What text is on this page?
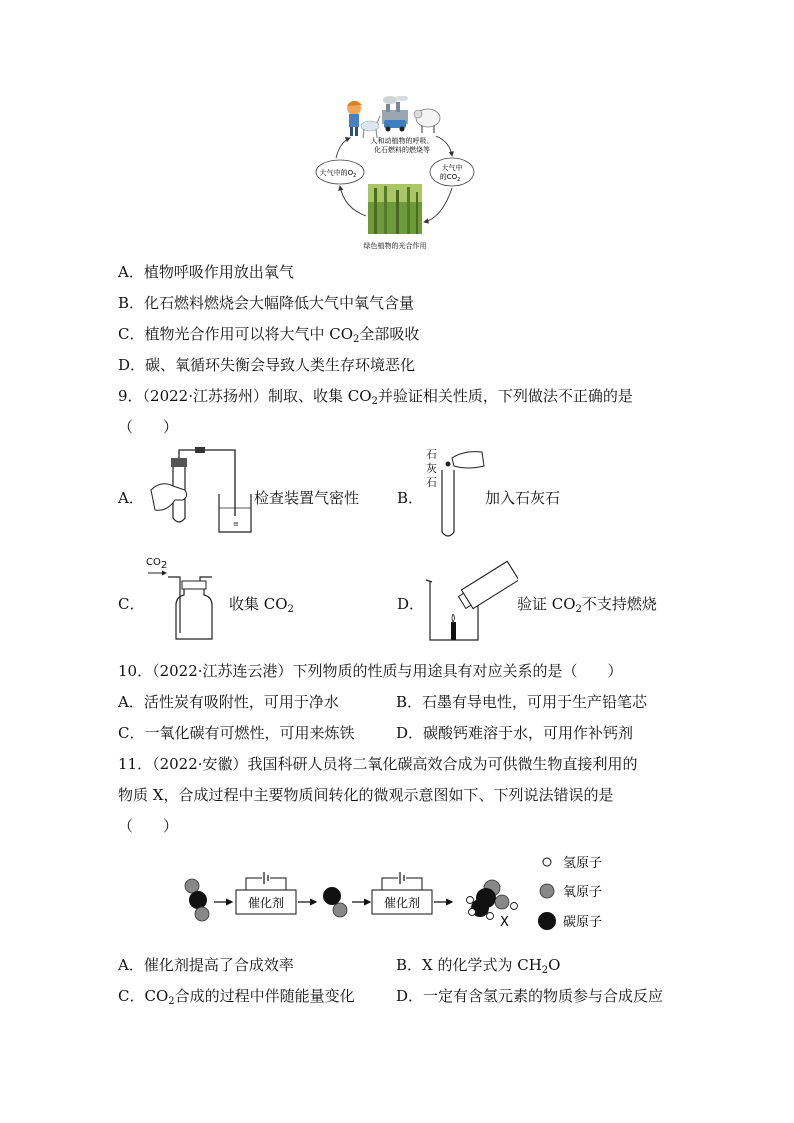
人和动植物的呼吸、
化石燃料的燃烧等
大气中的$O_2$
大气中
的$CO_2$
绿色植物的光合作用
A．植物呼吸作用放出氧气
B．化石燃料燃烧会大幅降低大气中氧气含量
C．植物光合作用可以将大气中 $CO_2$全部吸收
D．碳、氧循环失衡会导致人类生存环境恶化
9．（2022·江苏扬州）制取、收集 $CO_2$并验证相关性质，下列做法不正确的是
（　　）
A．
≡
检查装置气密性	B．
石
灰
石
加入石灰石
C．
$CO_2$
收集 $CO_2$	D．	验证 $CO_2$不支持燃烧
10．（2022·江苏连云港）下列物质的性质与用途具有对应关系的是（　　）
A．活性炭有吸附性，可用于净水	B．石墨有导电性，可用于生产铅笔芯
C．一氧化碳有可燃性，可用来炼铁	D．碳酸钙难溶于水，可用作补钙剂
11．（2022·安徽）我国科研人员将二氧化碳高效合成为可供微生物直接利用的
物质 X，合成过程中主要物质间转化的微观示意图如下、下列说法错误的是
（　　）
催化剂	催化剂
X
氢原子
氧原子
碳原子
A．催化剂提高了合成效率	B．X 的化学式为 $CH_2O$
C．$CO_2$合成的过程中伴随能量变化	D．一定有含氢元素的物质参与合成反应
